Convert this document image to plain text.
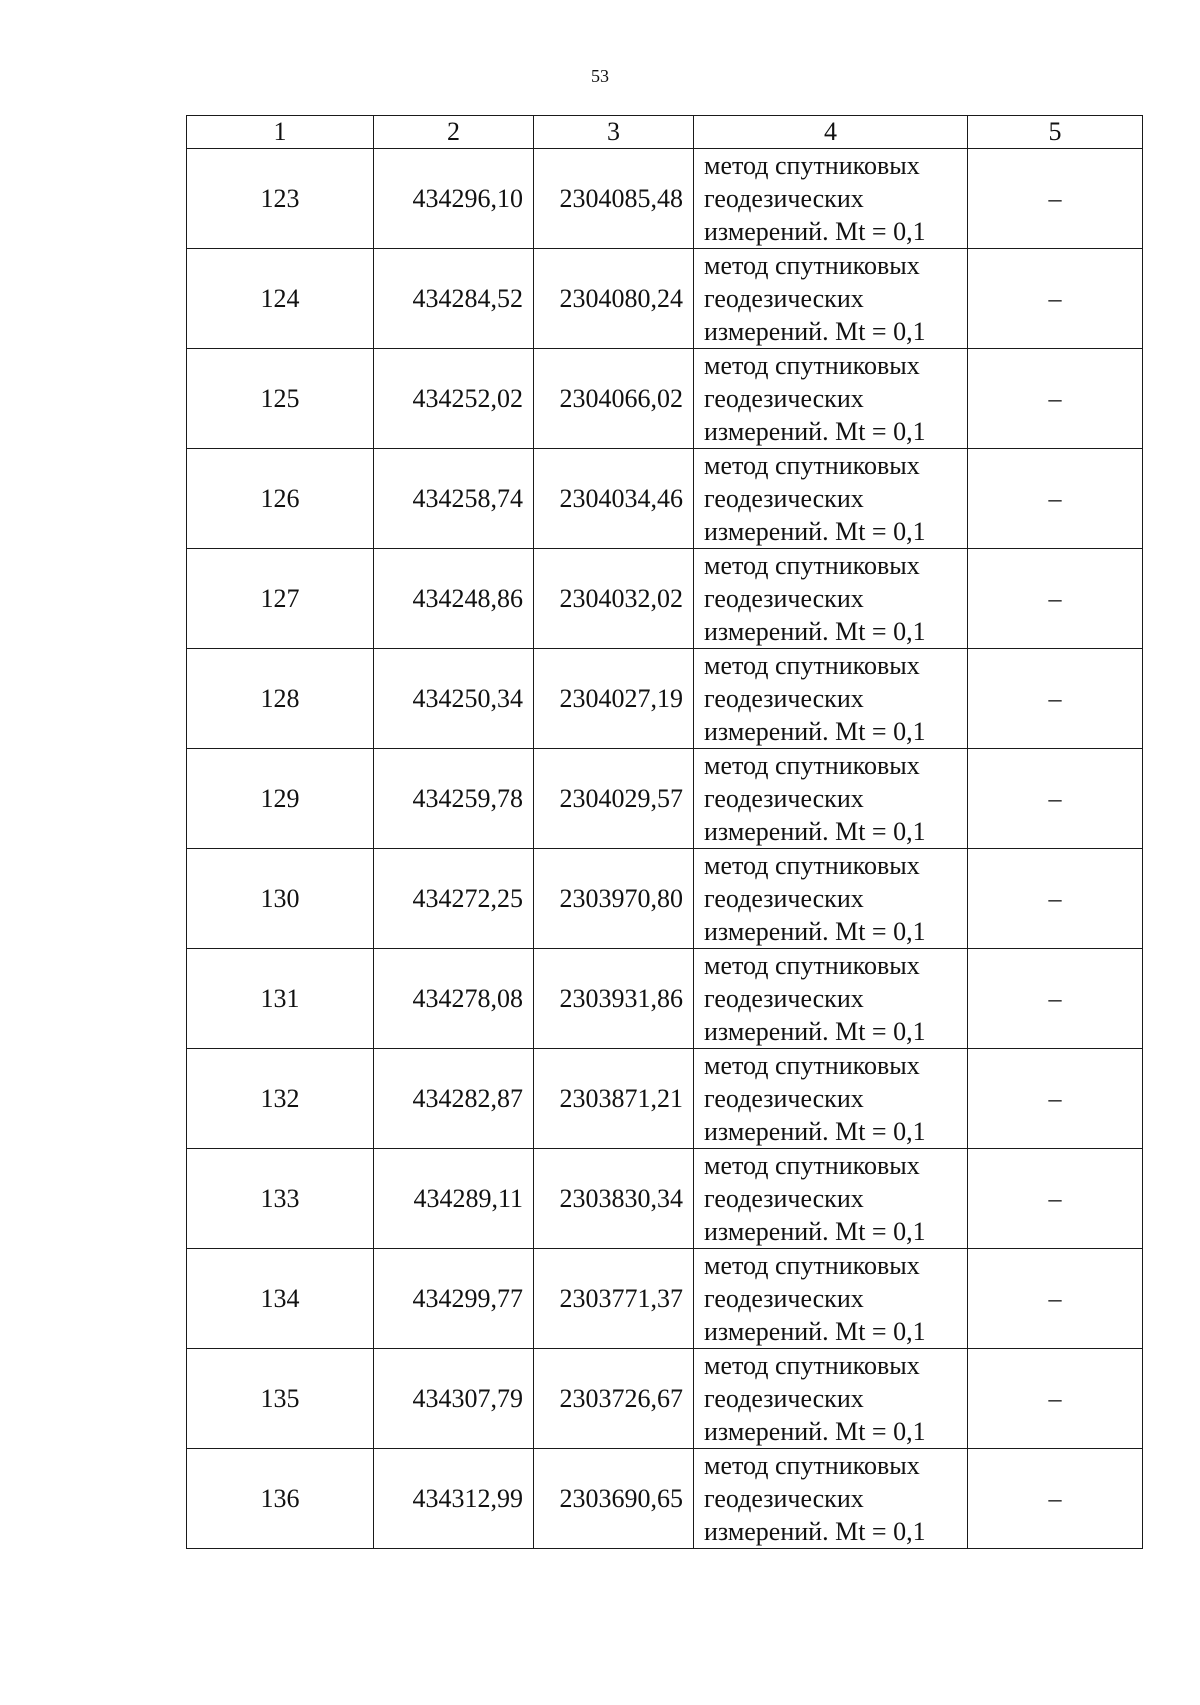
53
1	2	3	4	5
123	434296,10	2304085,48	метод спутниковых
геодезических
измерений. Mt = 0,1	–
124	434284,52	2304080,24	метод спутниковых
геодезических
измерений. Mt = 0,1	–
125	434252,02	2304066,02	метод спутниковых
геодезических
измерений. Mt = 0,1	–
126	434258,74	2304034,46	метод спутниковых
геодезических
измерений. Mt = 0,1	–
127	434248,86	2304032,02	метод спутниковых
геодезических
измерений. Mt = 0,1	–
128	434250,34	2304027,19	метод спутниковых
геодезических
измерений. Mt = 0,1	–
129	434259,78	2304029,57	метод спутниковых
геодезических
измерений. Mt = 0,1	–
130	434272,25	2303970,80	метод спутниковых
геодезических
измерений. Mt = 0,1	–
131	434278,08	2303931,86	метод спутниковых
геодезических
измерений. Mt = 0,1	–
132	434282,87	2303871,21	метод спутниковых
геодезических
измерений. Mt = 0,1	–
133	434289,11	2303830,34	метод спутниковых
геодезических
измерений. Mt = 0,1	–
134	434299,77	2303771,37	метод спутниковых
геодезических
измерений. Mt = 0,1	–
135	434307,79	2303726,67	метод спутниковых
геодезических
измерений. Mt = 0,1	–
136	434312,99	2303690,65	метод спутниковых
геодезических
измерений. Mt = 0,1	–
